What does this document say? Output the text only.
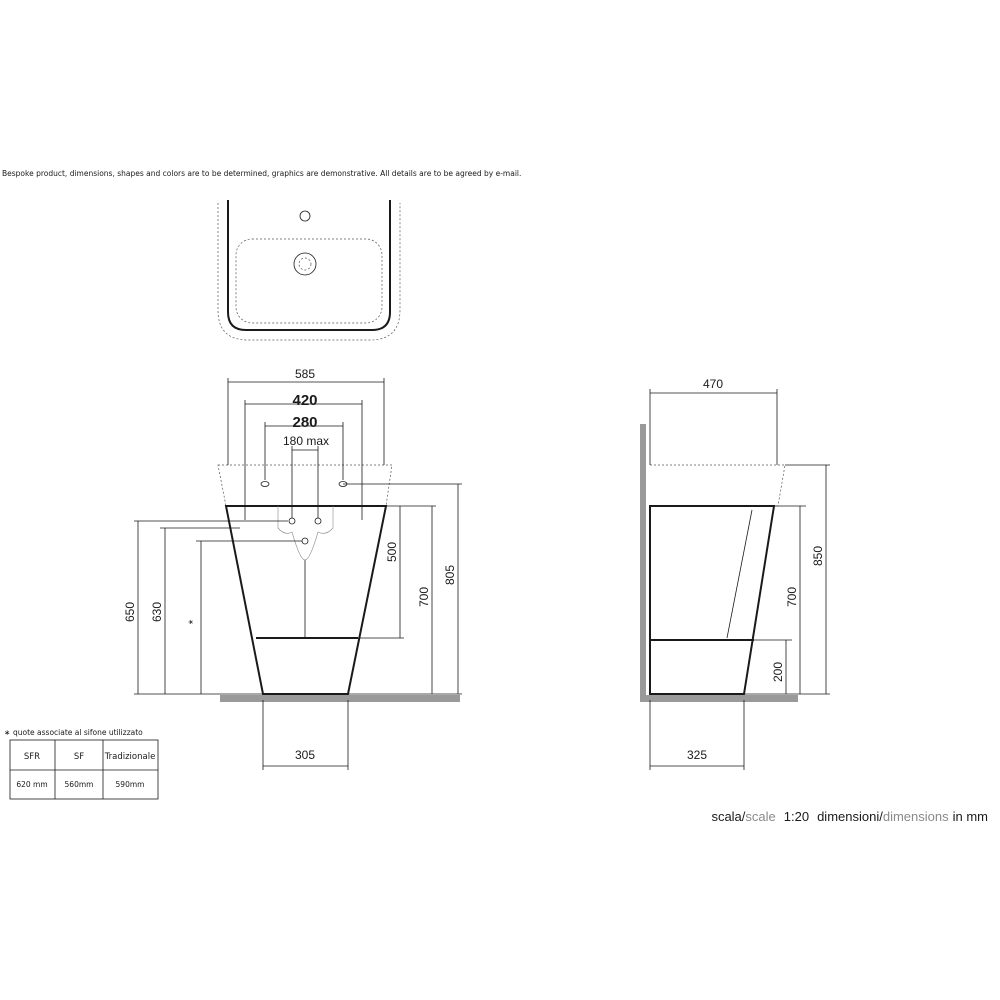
Bespoke product, dimensions, shapes and colors are to be determined, graphics are demonstrative. All details are to be agreed by e-mail.
585
420
280
180 max
500
700
805
650 630 *
305
470
850
700
200
325
∗ quote associate al sifone utilizzato
SFR	SF Tradizionale
620 mm 560mm	590mm
scala/scale 1:20 dimensioni/dimensions in mm
